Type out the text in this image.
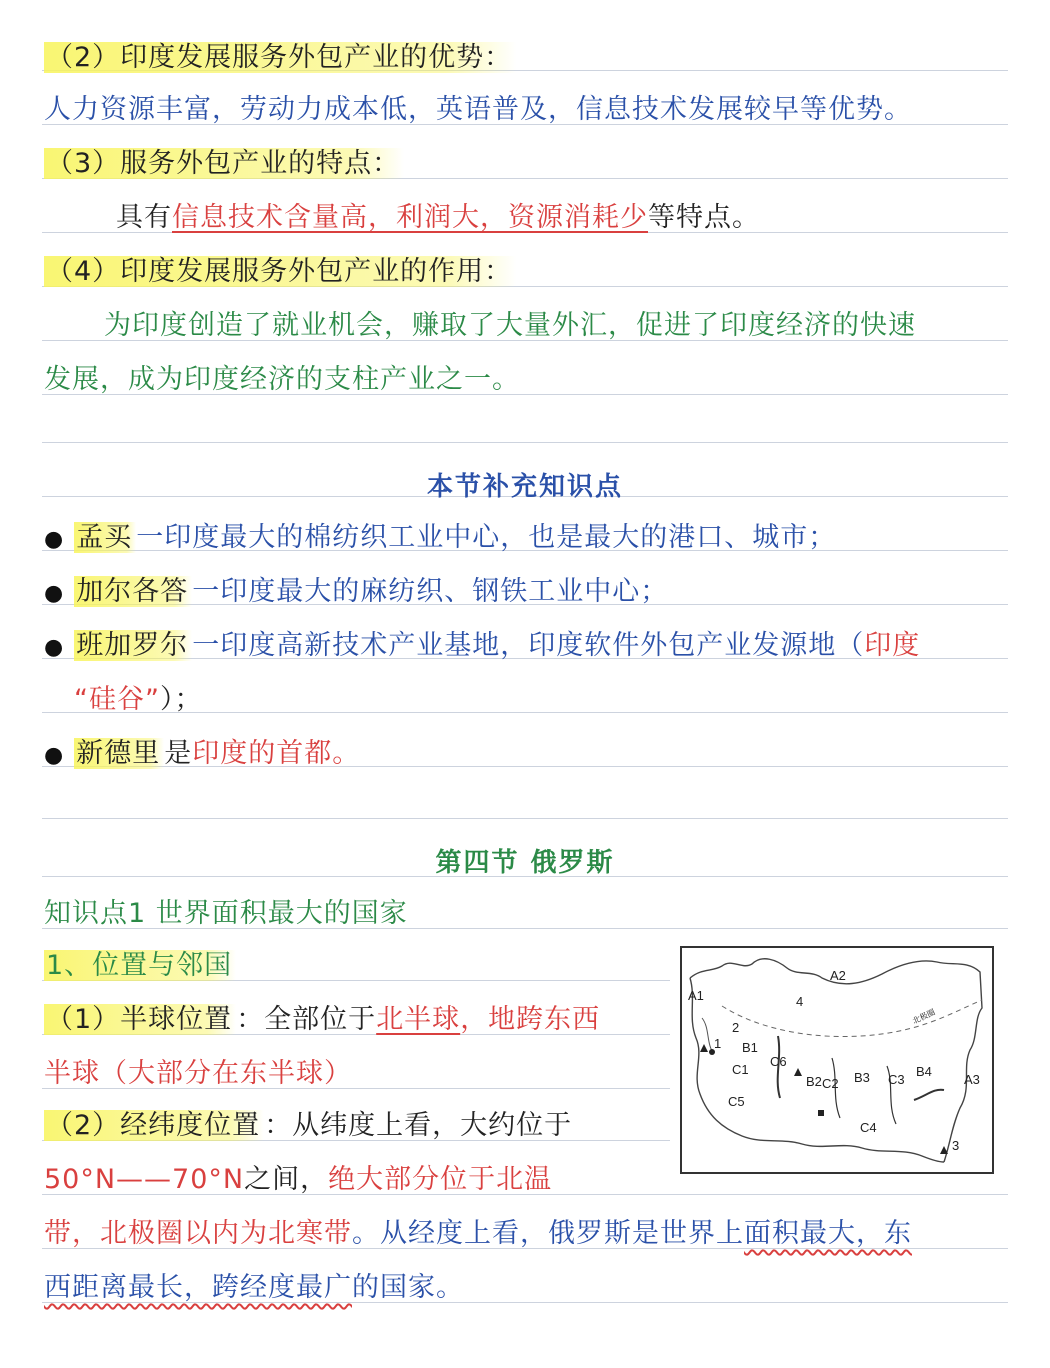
（2）印度发展服务外包产业的优势：
人力资源丰富，劳动力成本低，英语普及，信息技术发展较早等优势。
（3）服务外包产业的特点：
具有信息技术含量高，利润大，资源消耗少等特点。
（4）印度发展服务外包产业的作用：
为印度创造了就业机会，赚取了大量外汇，促进了印度经济的快速
发展，成为印度经济的支柱产业之一。
本节补充知识点
● 孟买 一印度最大的棉纺织工业中心，也是最大的港口、城市；
● 加尔各答 一印度最大的麻纺织、钢铁工业中心；
● 班加罗尔 一印度高新技术产业基地，印度软件外包产业发源地（印度
“硅谷”）；
● 新德里 是印度的首都。
第四节 俄罗斯
知识点1 世界面积最大的国家
1、位置与邻国
（1）半球位置 ：全部位于北半球，地跨东西
半球（大部分在东半球）
（2）经纬度位置 ：从纬度上看，大约位于
50°N——70°N之间，绝大部分位于北温
带，北极圈以内为北寒带。从经度上看，俄罗斯是世界上面积最大，东
西距离最长，跨经度最广的国家。
A1
A2
A3
B1
B2 B3	B4
C1
C2	C3
C4
C5
C6
1
2
3
4
北极圈
